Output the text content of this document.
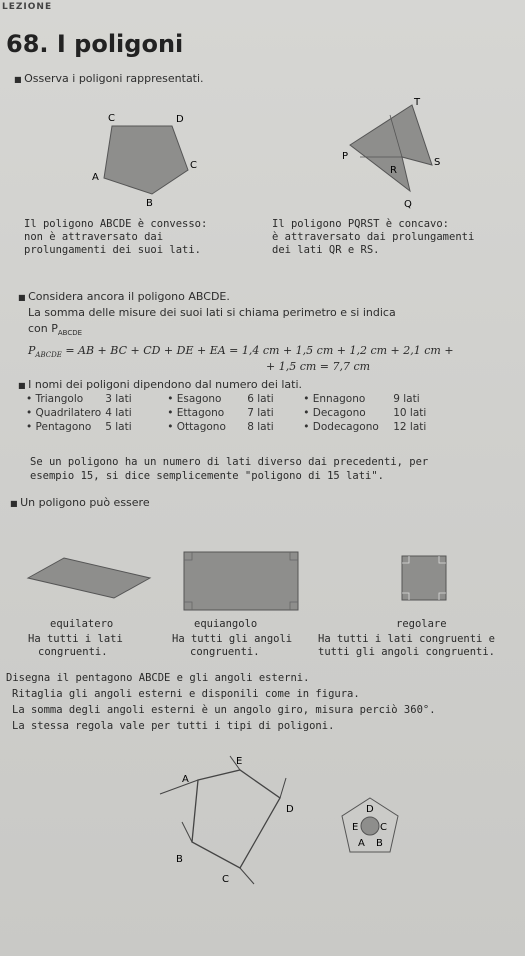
LEZIONE
68. I poligoni
■ Osserva i poligoni rappresentati.
C	D
C
A
B
T
P
S
R
Q
Il poligono ABCDE è convesso:
non è attraversato dai
prolungamenti dei suoi lati.
Il poligono PQRST è concavo:
è attraversato dai prolungamenti
dei lati QR e RS.
■ Considera ancora il poligono ABCDE.
La somma delle misure dei suoi lati si chiama perimetro e si indica
con $P_{ABCDE}$
$P_{ABCDE}$ = AB + BC + CD + DE + EA = 1,4 cm + 1,5 cm + 1,2 cm + 2,1 cm +
+ 1,5 cm = 7,7 cm
■ I nomi dei poligoni dipendono dal numero dei lati.
• Triangolo	3 lati	• Esagono	6 lati	• Ennagono	9 lati
• Quadrilatero	4 lati	• Ettagono	7 lati	• Decagono	10 lati
• Pentagono	5 lati	• Ottagono	8 lati	• Dodecagono	12 lati
Se un poligono ha un numero di lati diverso dai precedenti, per
esempio 15, si dice semplicemente "poligono di 15 lati".
■ Un poligono può essere
equilatero	equiangolo	regolare
Ha tutti i lati
congruenti.
Ha tutti gli angoli
congruenti.
Ha tutti i lati congruenti e
tutti gli angoli congruenti.
Disegna il pentagono ABCDE e gli angoli esterni.
Ritaglia gli angoli esterni e disponili come in figura.
La somma degli angoli esterni è un angolo giro, misura perciò 360°.
La stessa regola vale per tutti i tipi di poligoni.
E
A
D
B
C
D
E C
A B
